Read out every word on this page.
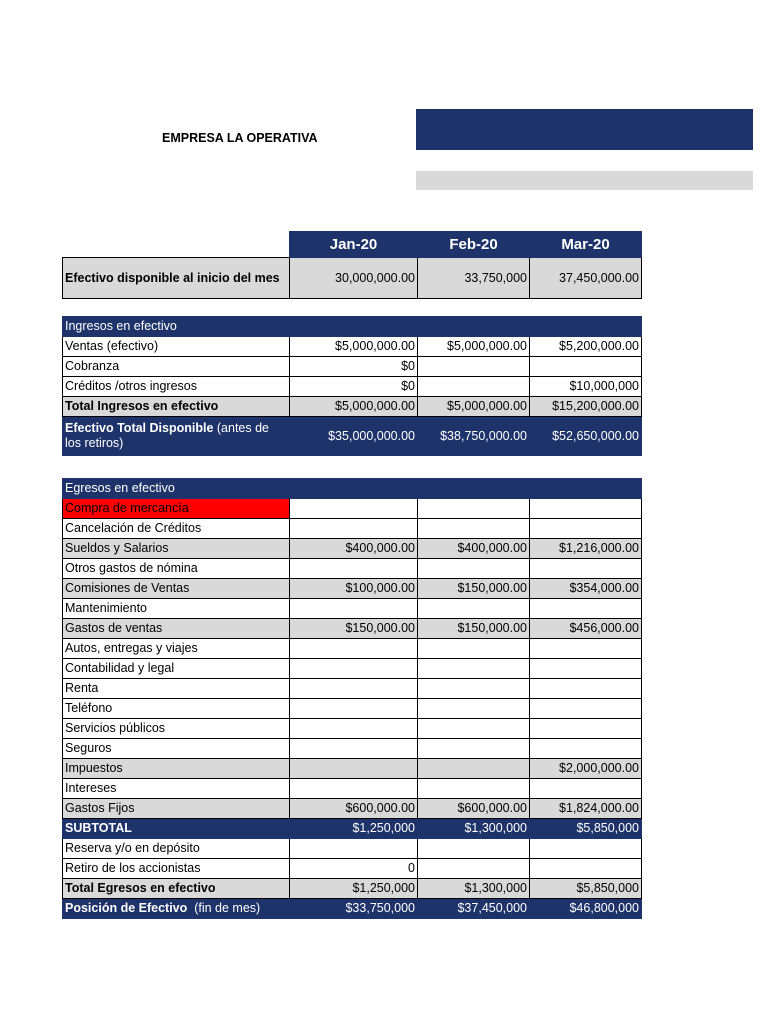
EMPRESA LA OPERATIVA
	Jan-20	Feb-20	Mar-20
Efectivo disponible al inicio del mes	30,000,000.00	33,750,000	37,450,000.00
Ingresos en efectivo			
Ventas (efectivo)	$5,000,000.00	$5,000,000.00	$5,200,000.00
Cobranza	$0		
Créditos /otros ingresos	$0		$10,000,000
Total Ingresos en efectivo	$5,000,000.00	$5,000,000.00	$15,200,000.00
Efectivo Total Disponible (antes de los retiros)	$35,000,000.00	$38,750,000.00	$52,650,000.00
Egresos en efectivo			
Compra de mercancía			
Cancelación de Créditos			
Sueldos y Salarios	$400,000.00	$400,000.00	$1,216,000.00
Otros gastos de nómina			
Comisiones de Ventas	$100,000.00	$150,000.00	$354,000.00
Mantenimiento			
Gastos de ventas	$150,000.00	$150,000.00	$456,000.00
Autos, entregas y viajes			
Contabilidad y legal			
Renta			
Teléfono			
Servicios públicos			
Seguros			
Impuestos			$2,000,000.00
Intereses			
Gastos Fijos	$600,000.00	$600,000.00	$1,824,000.00
SUBTOTAL	$1,250,000	$1,300,000	$5,850,000
Reserva y/o en depósito			
Retiro de los accionistas	0		
Total Egresos en efectivo	$1,250,000	$1,300,000	$5,850,000
Posición de Efectivo  (fin de mes)	$33,750,000	$37,450,000	$46,800,000
